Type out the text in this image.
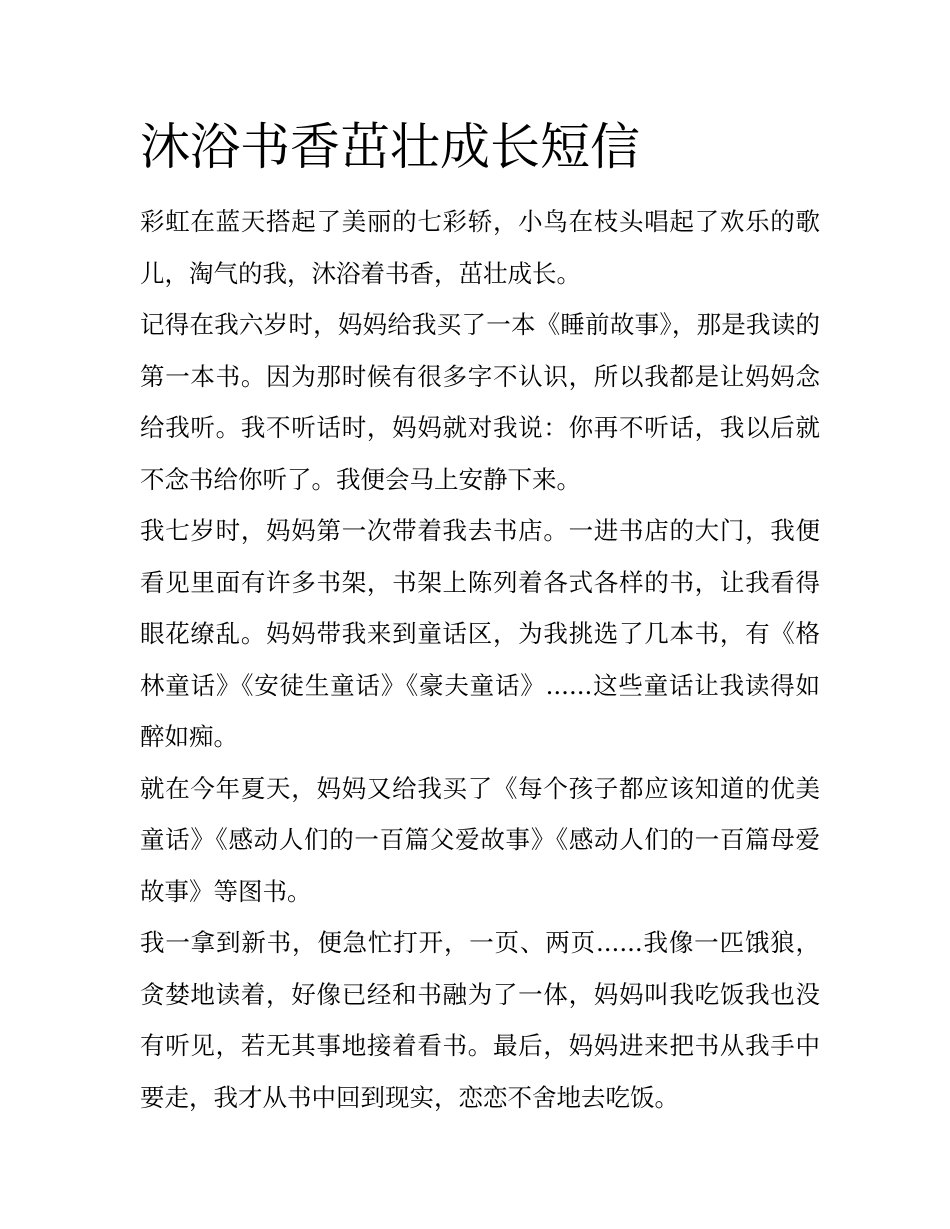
沐浴书香茁壮成长短信

彩虹在蓝天搭起了美丽的七彩轿，小鸟在枝头唱起了欢乐的歌儿，淘气的我，沐浴着书香，茁壮成长。

记得在我六岁时，妈妈给我买了一本《睡前故事》，那是我读的第一本书。因为那时候有很多字不认识，所以我都是让妈妈念给我听。我不听话时，妈妈就对我说：你再不听话，我以后就不念书给你听了。我便会马上安静下来。

我七岁时，妈妈第一次带着我去书店。一进书店的大门，我便看见里面有许多书架，书架上陈列着各式各样的书，让我看得眼花缭乱。妈妈带我来到童话区，为我挑选了几本书，有《格林童话》《安徒生童话》《豪夫童话》......这些童话让我读得如醉如痴。

就在今年夏天，妈妈又给我买了《每个孩子都应该知道的优美童话》《感动人们的一百篇父爱故事》《感动人们的一百篇母爱故事》等图书。

我一拿到新书，便急忙打开，一页、两页......我像一匹饿狼，贪婪地读着，好像已经和书融为了一体，妈妈叫我吃饭我也没有听见，若无其事地接着看书。最后，妈妈进来把书从我手中要走，我才从书中回到现实，恋恋不舍地去吃饭。
